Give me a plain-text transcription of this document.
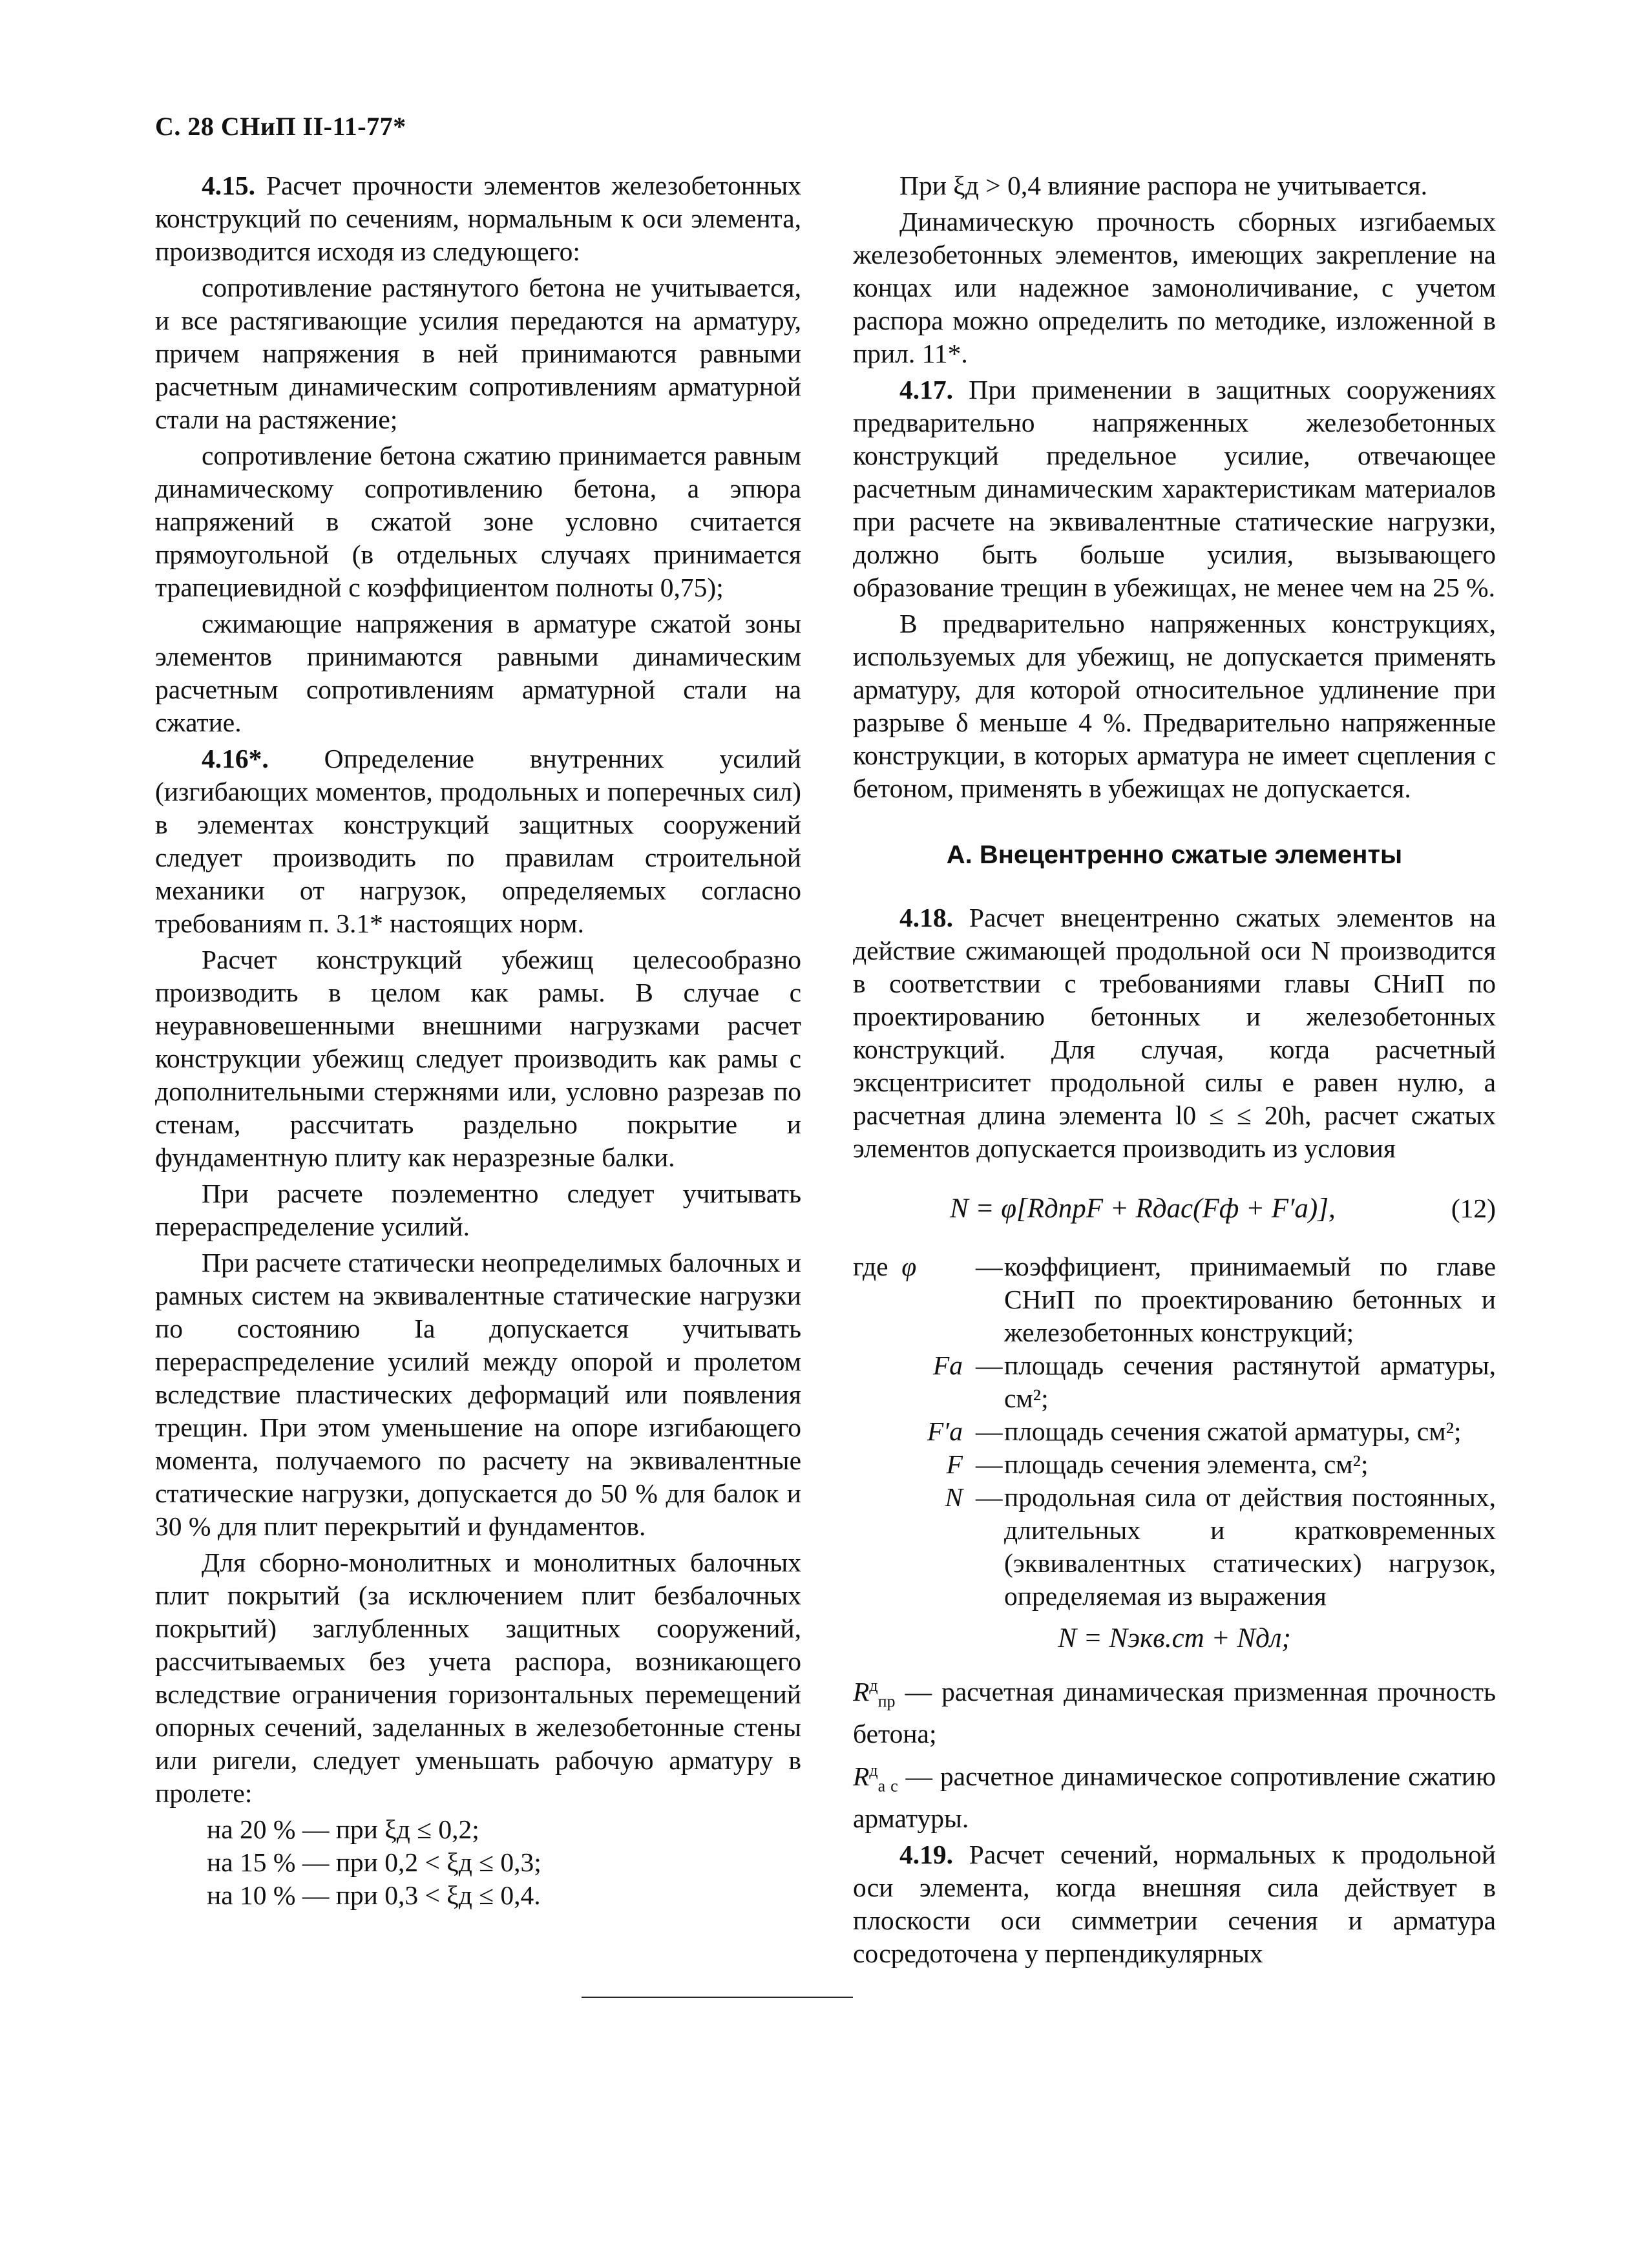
С. 28 СНиП II-11-77*

4.15. Расчет прочности элементов железобетонных конструкций по сечениям, нормальным к оси элемента, производится исходя из следующего:

сопротивление растянутого бетона не учитывается, и все растягивающие усилия передаются на арматуру, причем напряжения в ней принимаются равными расчетным динамическим сопротивлениям арматурной стали на растяжение;

сопротивление бетона сжатию принимается равным динамическому сопротивлению бетона, а эпюра напряжений в сжатой зоне условно считается прямоугольной (в отдельных случаях принимается трапециевидной с коэффициентом полноты 0,75);

сжимающие напряжения в арматуре сжатой зоны элементов принимаются равными динамическим расчетным сопротивлениям арматурной стали на сжатие.

4.16*. Определение внутренних усилий (изгибающих моментов, продольных и поперечных сил) в элементах конструкций защитных сооружений следует производить по правилам строительной механики от нагрузок, определяемых согласно требованиям п. 3.1* настоящих норм.

Расчет конструкций убежищ целесообразно производить в целом как рамы. В случае с неуравновешенными внешними нагрузками расчет конструкции убежищ следует производить как рамы с дополнительными стержнями или, условно разрезав по стенам, рассчитать раздельно покрытие и фундаментную плиту как неразрезные балки.

При расчете поэлементно следует учитывать перераспределение усилий.

При расчете статически неопределимых балочных и рамных систем на эквивалентные статические нагрузки по состоянию Iа допускается учитывать перераспределение усилий между опорой и пролетом вследствие пластических деформаций или появления трещин. При этом уменьшение на опоре изгибающего момента, получаемого по расчету на эквивалентные статические нагрузки, допускается до 50 % для балок и 30 % для плит перекрытий и фундаментов.

Для сборно-монолитных и монолитных балочных плит покрытий (за исключением плит безбалочных покрытий) заглубленных защитных сооружений, рассчитываемых без учета распора, возникающего вследствие ограничения горизонтальных перемещений опорных сечений, заделанных в железобетонные стены или ригели, следует уменьшать рабочую арматуру в пролете:

на 20 % — при ξд ≤ 0,2;
на 15 % — при 0,2 < ξд ≤ 0,3;
на 10 % — при 0,3 < ξд ≤ 0,4.

При ξд > 0,4 влияние распора не учитывается.

Динамическую прочность сборных изгибаемых железобетонных элементов, имеющих закрепление на концах или надежное замоноличивание, с учетом распора можно определить по методике, изложенной в прил. 11*.

4.17. При применении в защитных сооружениях предварительно напряженных железобетонных конструкций предельное усилие, отвечающее расчетным динамическим характеристикам материалов при расчете на эквивалентные статические нагрузки, должно быть больше усилия, вызывающего образование трещин в убежищах, не менее чем на 25 %.

В предварительно напряженных конструкциях, используемых для убежищ, не допускается применять арматуру, для которой относительное удлинение при разрыве δ меньше 4 %. Предварительно напряженные конструкции, в которых арматура не имеет сцепления с бетоном, применять в убежищах не допускается.

А. Внецентренно сжатые элементы

4.18. Расчет внецентренно сжатых элементов на действие сжимающей продольной оси N производится в соответствии с требованиями главы СНиП по проектированию бетонных и железобетонных конструкций. Для случая, когда расчетный эксцентриситет продольной силы e равен нулю, а расчетная длина элемента l0 ≤ ≤ 20h, расчет сжатых элементов допускается производить из условия

N = φ[RдпрF + Rдас(Fф + F′а)],	(12)
где φ	—	коэффициент, принимаемый по главе СНиП по проектированию бетонных и железобетонных конструкций;
Fа	—	площадь сечения растянутой арматуры, см²;
F′а	—	площадь сечения сжатой арматуры, см²;
F	—	площадь сечения элемента, см²;
N	—	продольная сила от действия постоянных, длительных и кратковременных (эквивалентных статических) нагрузок, определяемая из выражения
N = Nэкв.ст + Nдл;

$R^д_{пр}$ — расчетная динамическая призменная прочность бетона;

$R^д_{а с}$ — расчетное динамическое сопротивление сжатию арматуры.

4.19. Расчет сечений, нормальных к продольной оси элемента, когда внешняя сила действует в плоскости оси симметрии сечения и арматура сосредоточена у перпендикулярных
